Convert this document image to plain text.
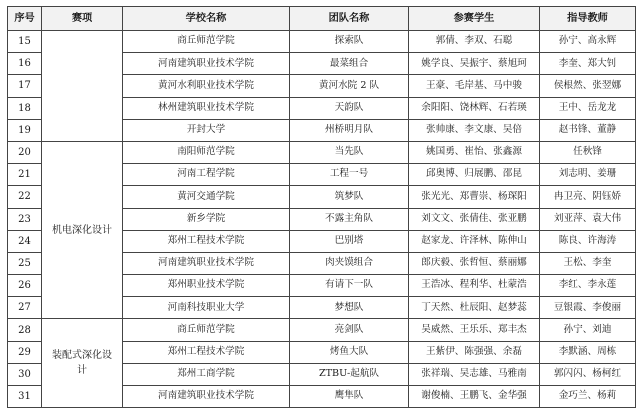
序号	赛项	学校名称	团队名称	参赛学生	指导教师
15		商丘师范学院	探索队	郭倩、李双、石聪	孙宁、高永辉
16		河南建筑职业技术学院	最菜组合	姚学良、吴振宇、蔡旭珂	李奎、郑大钊
17		黄河水利职业技术学院	黄河水院 2 队	王豪、毛岸基、马中骏	侯根然、张翌娜
18		林州建筑职业技术学院	天韵队	余阳阳、饶林辉、石若瑛	王中、岳龙龙
19		开封大学	州桥明月队	张帅康、李文康、吴倍	赵书锋、董静
20	机电深化设计	南阳师范学院	当先队	姚国勇、崔怡、张鑫源	任秋锋
21		河南工程学院	工程一号	邱奥博、归展鹏、邵昆	刘志明、姜珊
22		黄河交通学院	筑梦队	张光光、郑曹崇、杨琛阳	冉卫亮、阴钰娇
23		新乡学院	不露主角队	刘文文、张倩佳、张亚鹏	刘亚萍、袁大伟
24		郑州工程技术学院	巴别塔	赵家龙、许泽林、陈伸山	陈良、许海涛
25		河南建筑职业技术学院	肉夹馍组合	郎庆毅、张哲恒、蔡丽娜	王松、李奎
26		郑州职业技术学院	有请下一队	王浩冰、程利华、杜蒙浩	李红、李永莲
27		河南科技职业大学	梦想队	丁天然、杜辰阳、赵梦蕊	豆银霞、李俊丽
28	装配式深化设计	商丘师范学院	亮剑队	吴威然、王乐乐、郑丰杰	孙宁、刘迪
29		郑州工程技术学院	烤鱼大队	王紫伊、陈强强、余磊	李默涵、周栋
30		郑州工商学院	ZTBU-起航队	张祥瑞、吴志雄、马雅南	郭闪闪、杨柯红
31		河南建筑职业技术学院	鹰隼队	谢俊楠、王鹏飞、金华强	金巧兰、杨莉
